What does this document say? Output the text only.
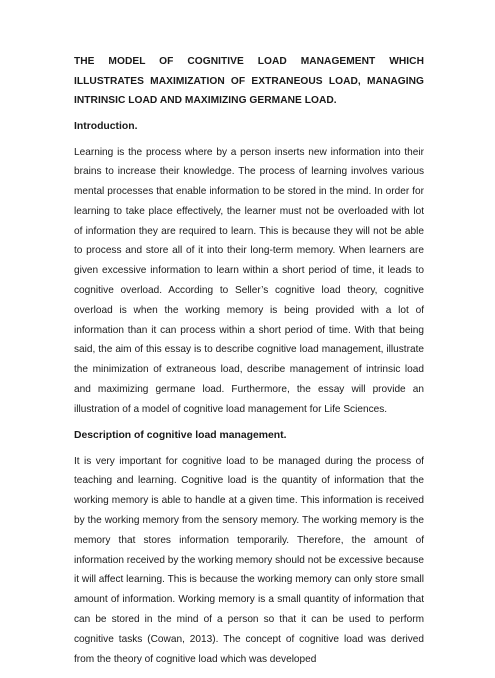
THE MODEL OF COGNITIVE LOAD MANAGEMENT WHICH ILLUSTRATES MAXIMIZATION OF EXTRANEOUS LOAD, MANAGING INTRINSIC LOAD AND MAXIMIZING GERMANE LOAD.
Introduction.
Learning is the process where by a person inserts new information into their brains to increase their knowledge. The process of learning involves various mental processes that enable information to be stored in the mind. In order for learning to take place effectively, the learner must not be overloaded with lot of information they are required to learn. This is because they will not be able to process and store all of it into their long-term memory. When learners are given excessive information to learn within a short period of time, it leads to cognitive overload. According to Seller’s cognitive load theory, cognitive overload is when the working memory is being provided with a lot of information than it can process within a short period of time. With that being said, the aim of this essay is to describe cognitive load management, illustrate the minimization of extraneous load, describe management of intrinsic load and maximizing germane load. Furthermore, the essay will provide an illustration of a model of cognitive load management for Life Sciences.
Description of cognitive load management.
It is very important for cognitive load to be managed during the process of teaching and learning. Cognitive load is the quantity of information that the working memory is able to handle at a given time. This information is received by the working memory from the sensory memory. The working memory is the memory that stores information temporarily. Therefore, the amount of information received by the working memory should not be excessive because it will affect learning. This is because the working memory can only store small amount of information. Working memory is a small quantity of information that can be stored in the mind of a person so that it can be used to perform cognitive tasks (Cowan, 2013). The concept of cognitive load was derived from the theory of cognitive load which was developed
